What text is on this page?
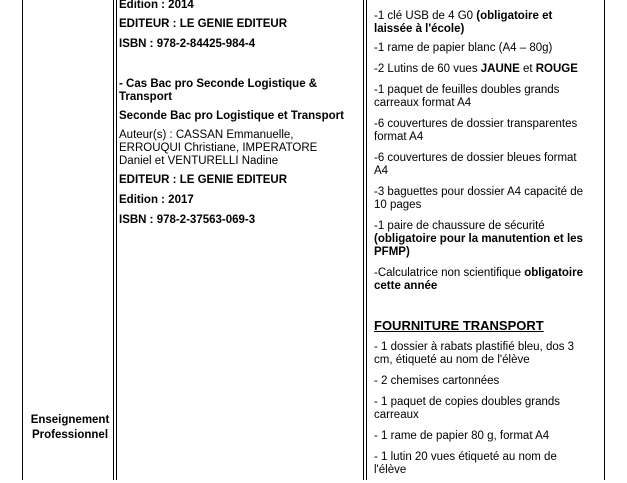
Enseignement
Professionnel
Edition : 2014
EDITEUR : LE GENIE EDITEUR
ISBN : 978-2-84425-984-4
- Cas Bac pro Seconde Logistique &
Transport
Seconde Bac pro Logistique et Transport
Auteur(s) : CASSAN Emmanuelle,
ERROUQUI Christiane, IMPERATORE
Daniel et VENTURELLI Nadine
EDITEUR : LE GENIE EDITEUR
Edition : 2017
ISBN : 978-2-37563-069-3
-1 clé USB de 4 G0 (obligatoire et
laissée à l'école)
-1 rame de papier blanc (A4 – 80g)
-2 Lutins de 60 vues JAUNE et ROUGE
-1 paquet de feuilles doubles grands
carreaux format A4
-6 couvertures de dossier transparentes
format A4
-6 couvertures de dossier bleues format
A4
-3 baguettes pour dossier A4 capacité de
10 pages
-1 paire de chaussure de sécurité
(obligatoire pour la manutention et les
PFMP)
-Calculatrice non scientifique obligatoire
cette année
FOURNITURE TRANSPORT
- 1 dossier à rabats plastifié bleu, dos 3
cm, étiqueté au nom de l'élève
- 2 chemises cartonnées
- 1 paquet de copies doubles grands
carreaux
- 1 rame de papier 80 g, format A4
- 1 lutin 20 vues étiqueté au nom de
l'élève
